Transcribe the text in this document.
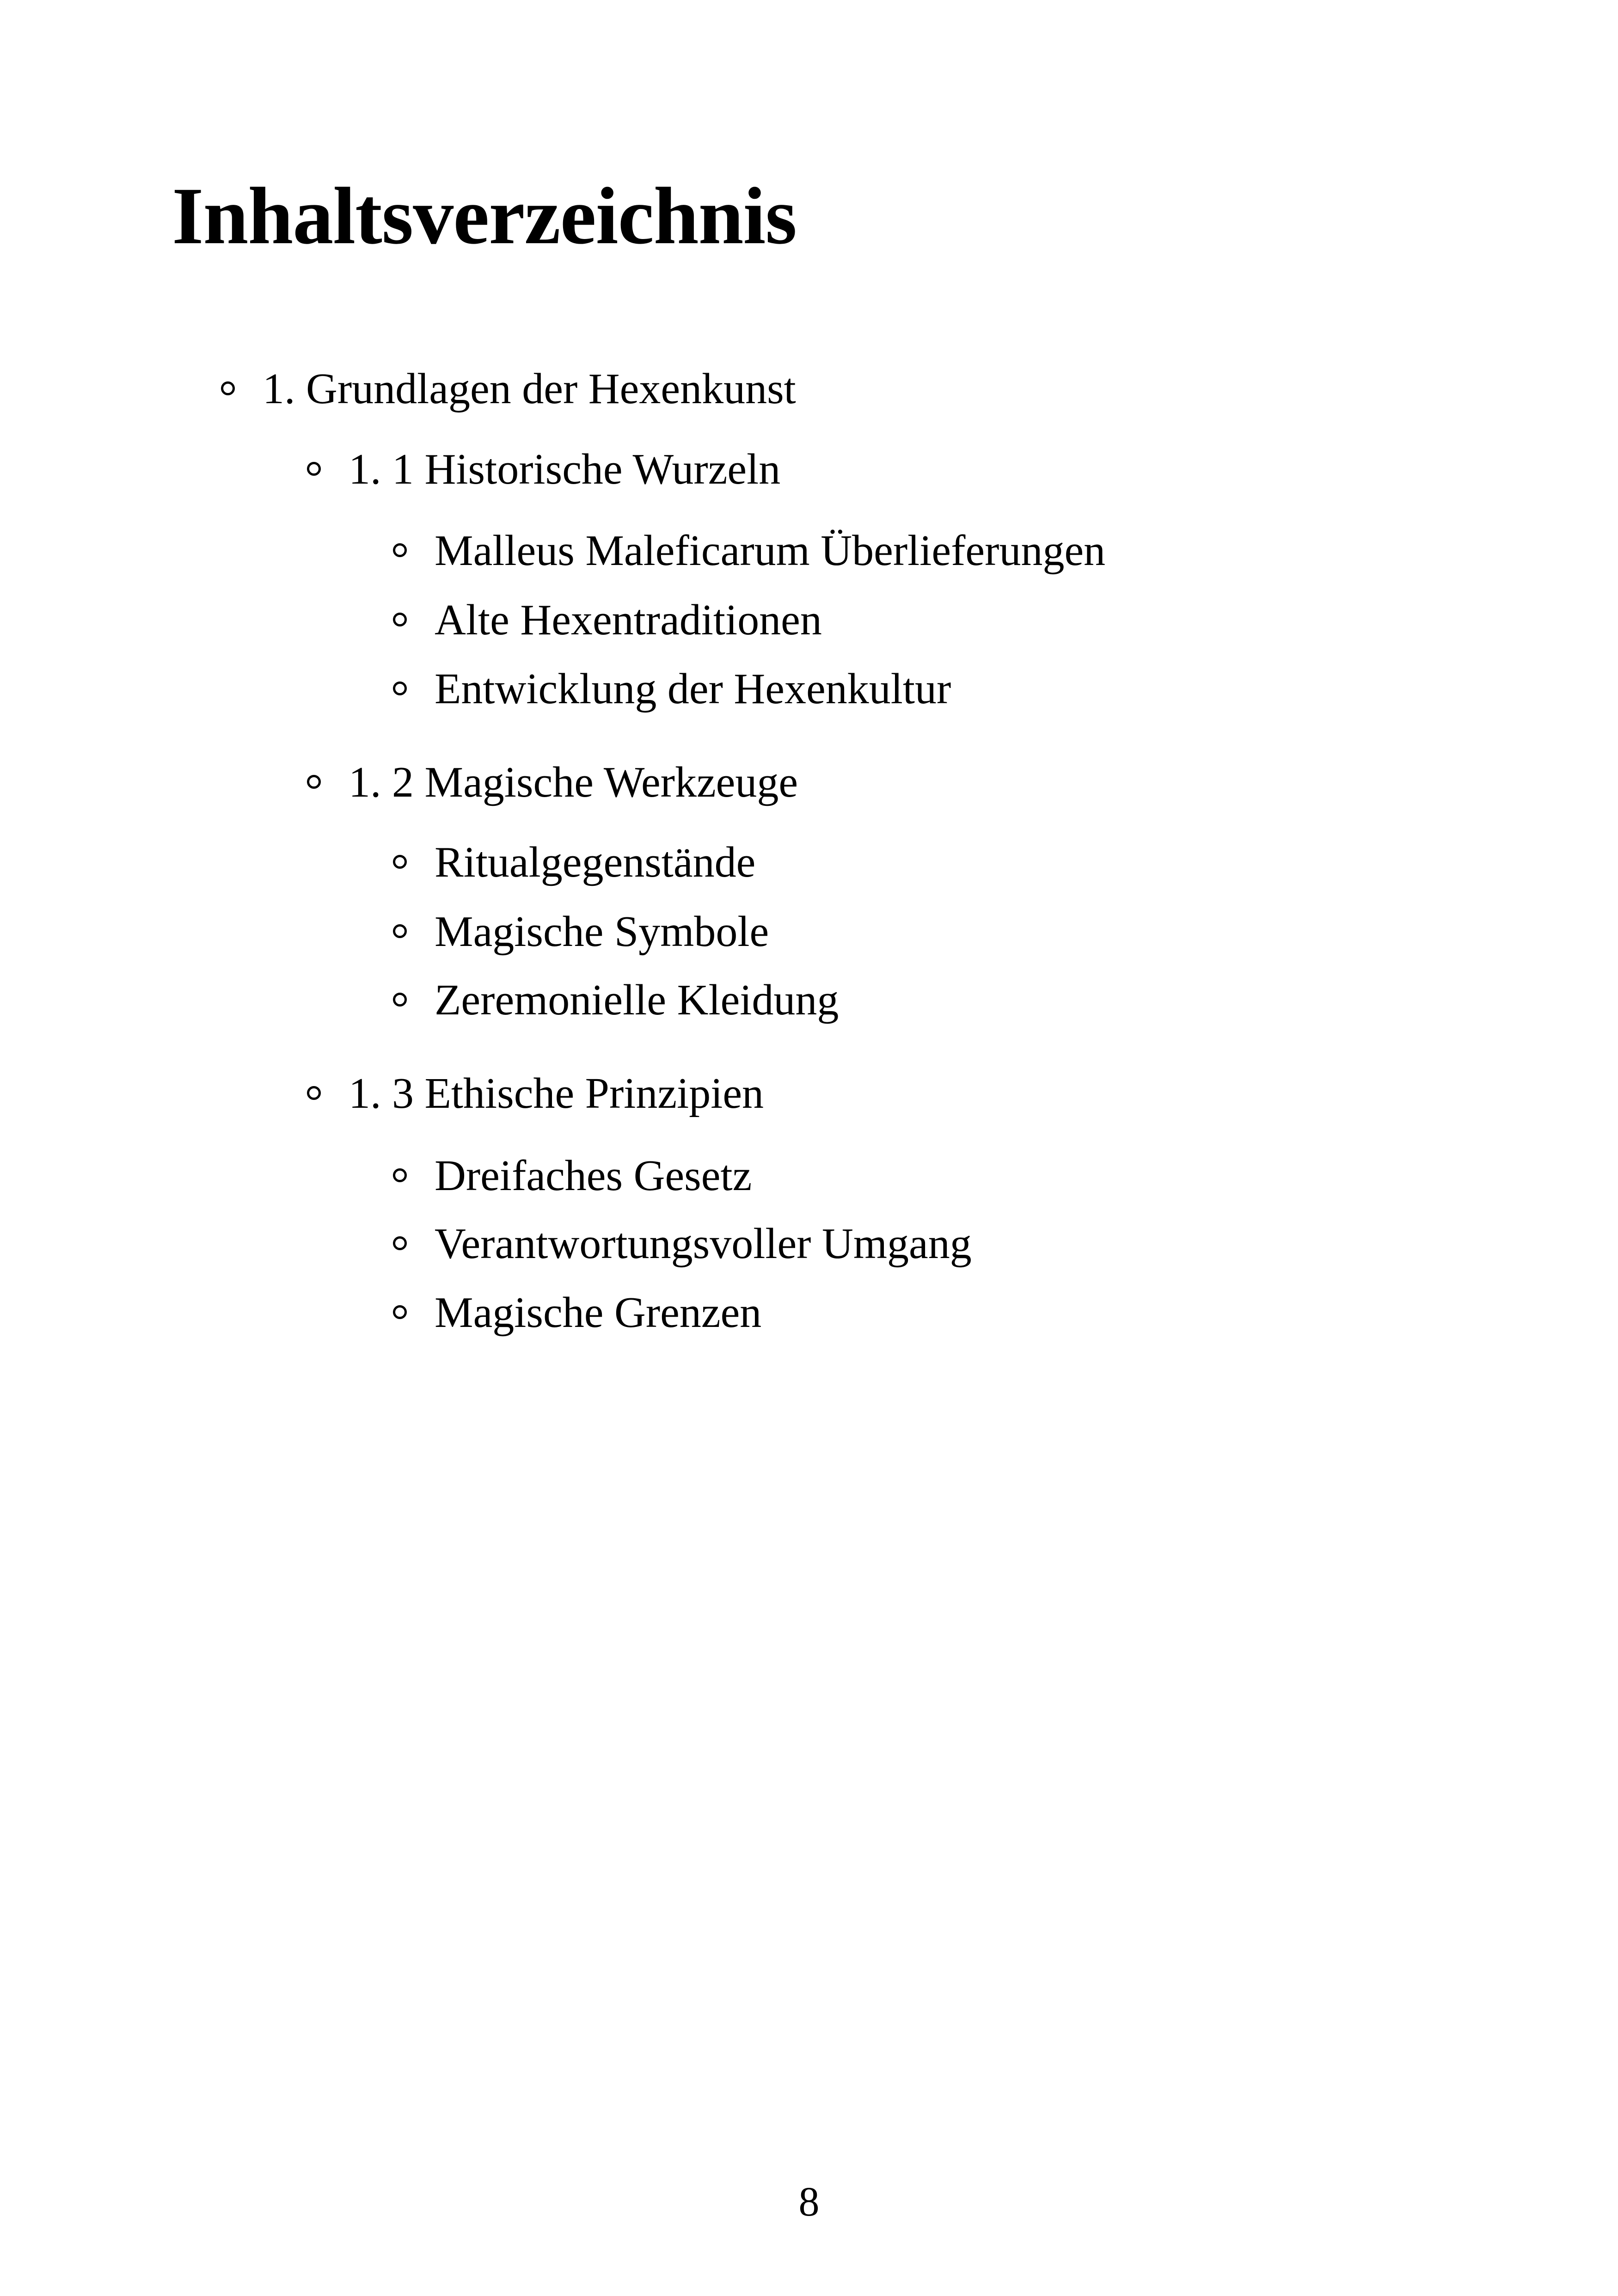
Inhaltsverzeichnis
1. Grundlagen der Hexenkunst
1. 1 Historische Wurzeln
Malleus Maleficarum Überlieferungen
Alte Hexentraditionen
Entwicklung der Hexenkultur
1. 2 Magische Werkzeuge
Ritualgegenstände
Magische Symbole
Zeremonielle Kleidung
1. 3 Ethische Prinzipien
Dreifaches Gesetz
Verantwortungsvoller Umgang
Magische Grenzen
8
